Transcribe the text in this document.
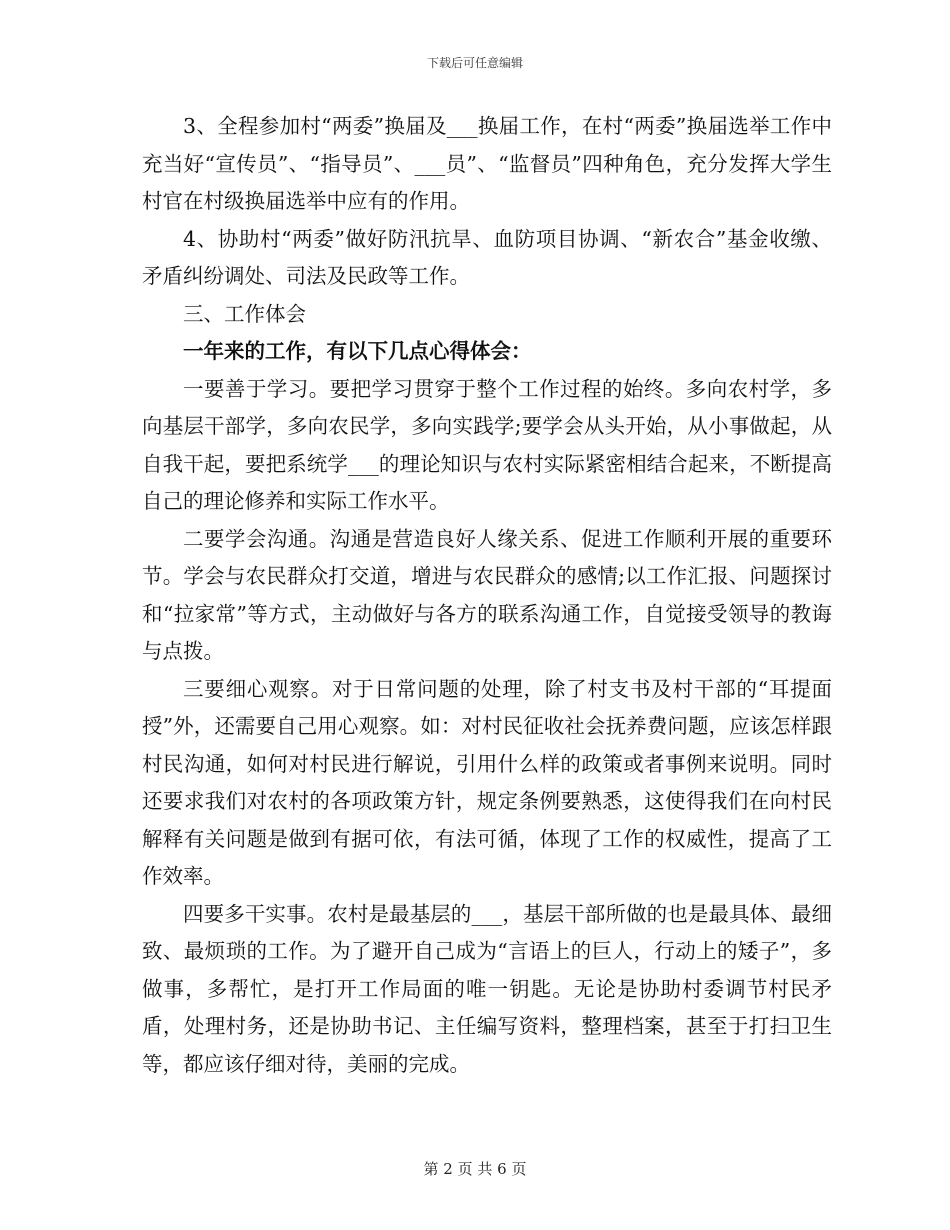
下载后可任意编辑

3、全程参加村“两委”换届及___换届工作，在村“两委”换届选举工作中充当好“宣传员”、“指导员”、___员”、“监督员”四种角色，充分发挥大学生村官在村级换届选举中应有的作用。

4、协助村“两委”做好防汛抗旱、血防项目协调、“新农合”基金收缴、矛盾纠纷调处、司法及民政等工作。

三、工作体会

一年来的工作，有以下几点心得体会：

一要善于学习。要把学习贯穿于整个工作过程的始终。多向农村学，多向基层干部学，多向农民学，多向实践学;要学会从头开始，从小事做起，从自我干起，要把系统学___的理论知识与农村实际紧密相结合起来，不断提高自己的理论修养和实际工作水平。

二要学会沟通。沟通是营造良好人缘关系、促进工作顺利开展的重要环节。学会与农民群众打交道，增进与农民群众的感情;以工作汇报、问题探讨和“拉家常”等方式，主动做好与各方的联系沟通工作，自觉接受领导的教诲与点拨。

三要细心观察。对于日常问题的处理，除了村支书及村干部的“耳提面授”外，还需要自己用心观察。如：对村民征收社会抚养费问题，应该怎样跟村民沟通，如何对村民进行解说，引用什么样的政策或者事例来说明。同时还要求我们对农村的各项政策方针，规定条例要熟悉，这使得我们在向村民解释有关问题是做到有据可依，有法可循，体现了工作的权威性，提高了工作效率。

四要多干实事。农村是最基层的___，基层干部所做的也是最具体、最细致、最烦琐的工作。为了避开自己成为“言语上的巨人，行动上的矮子”，多做事，多帮忙，是打开工作局面的唯一钥匙。无论是协助村委调节村民矛盾，处理村务，还是协助书记、主任编写资料，整理档案，甚至于打扫卫生等，都应该仔细对待，美丽的完成。

第 2 页 共 6 页
